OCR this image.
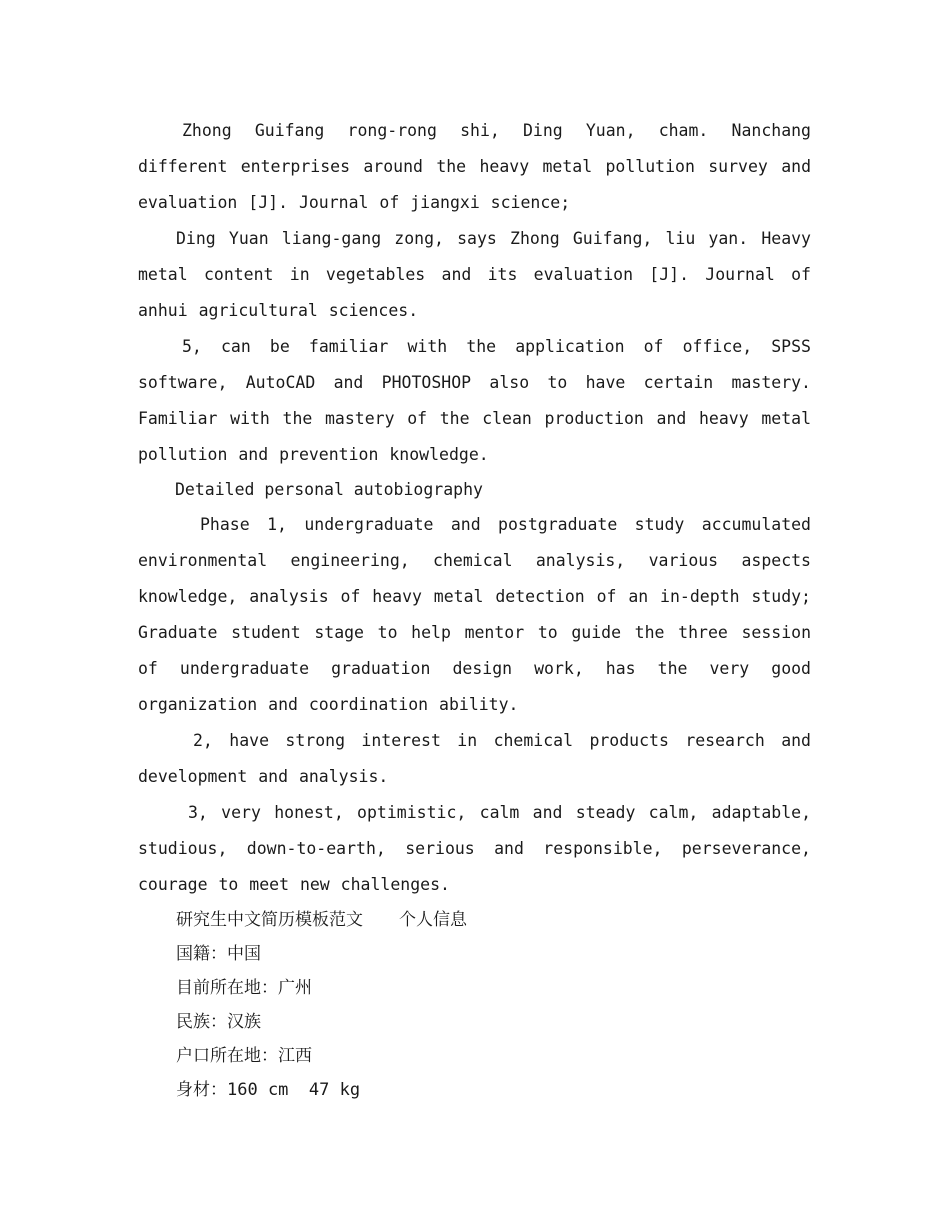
Zhong Guifang rong-rong shi, Ding Yuan, cham. Nanchang different enterprises around the heavy metal pollution survey and evaluation [J]. Journal of jiangxi science;

Ding Yuan liang-gang zong, says Zhong Guifang, liu yan. Heavy metal content in vegetables and its evaluation [J]. Journal of anhui agricultural sciences.

5, can be familiar with the application of office, SPSS software, AutoCAD and PHOTOSHOP also to have certain mastery. Familiar with the mastery of the clean production and heavy metal pollution and prevention knowledge.

Detailed personal autobiography

Phase 1, undergraduate and postgraduate study accumulated environmental engineering, chemical analysis, various aspects knowledge, analysis of heavy metal detection of an in-depth study; Graduate student stage to help mentor to guide the three session of undergraduate graduation design work, has the very good organization and coordination ability.

2, have strong interest in chemical products research and development and analysis.

3, very honest, optimistic, calm and steady calm, adaptable, studious, down-to-earth, serious and responsible, perseverance, courage to meet new challenges.

研究生中文简历模板范文 个人信息
国籍：中国
目前所在地：广州
民族：汉族
户口所在地：江西
身材：160 cm  47 kg
